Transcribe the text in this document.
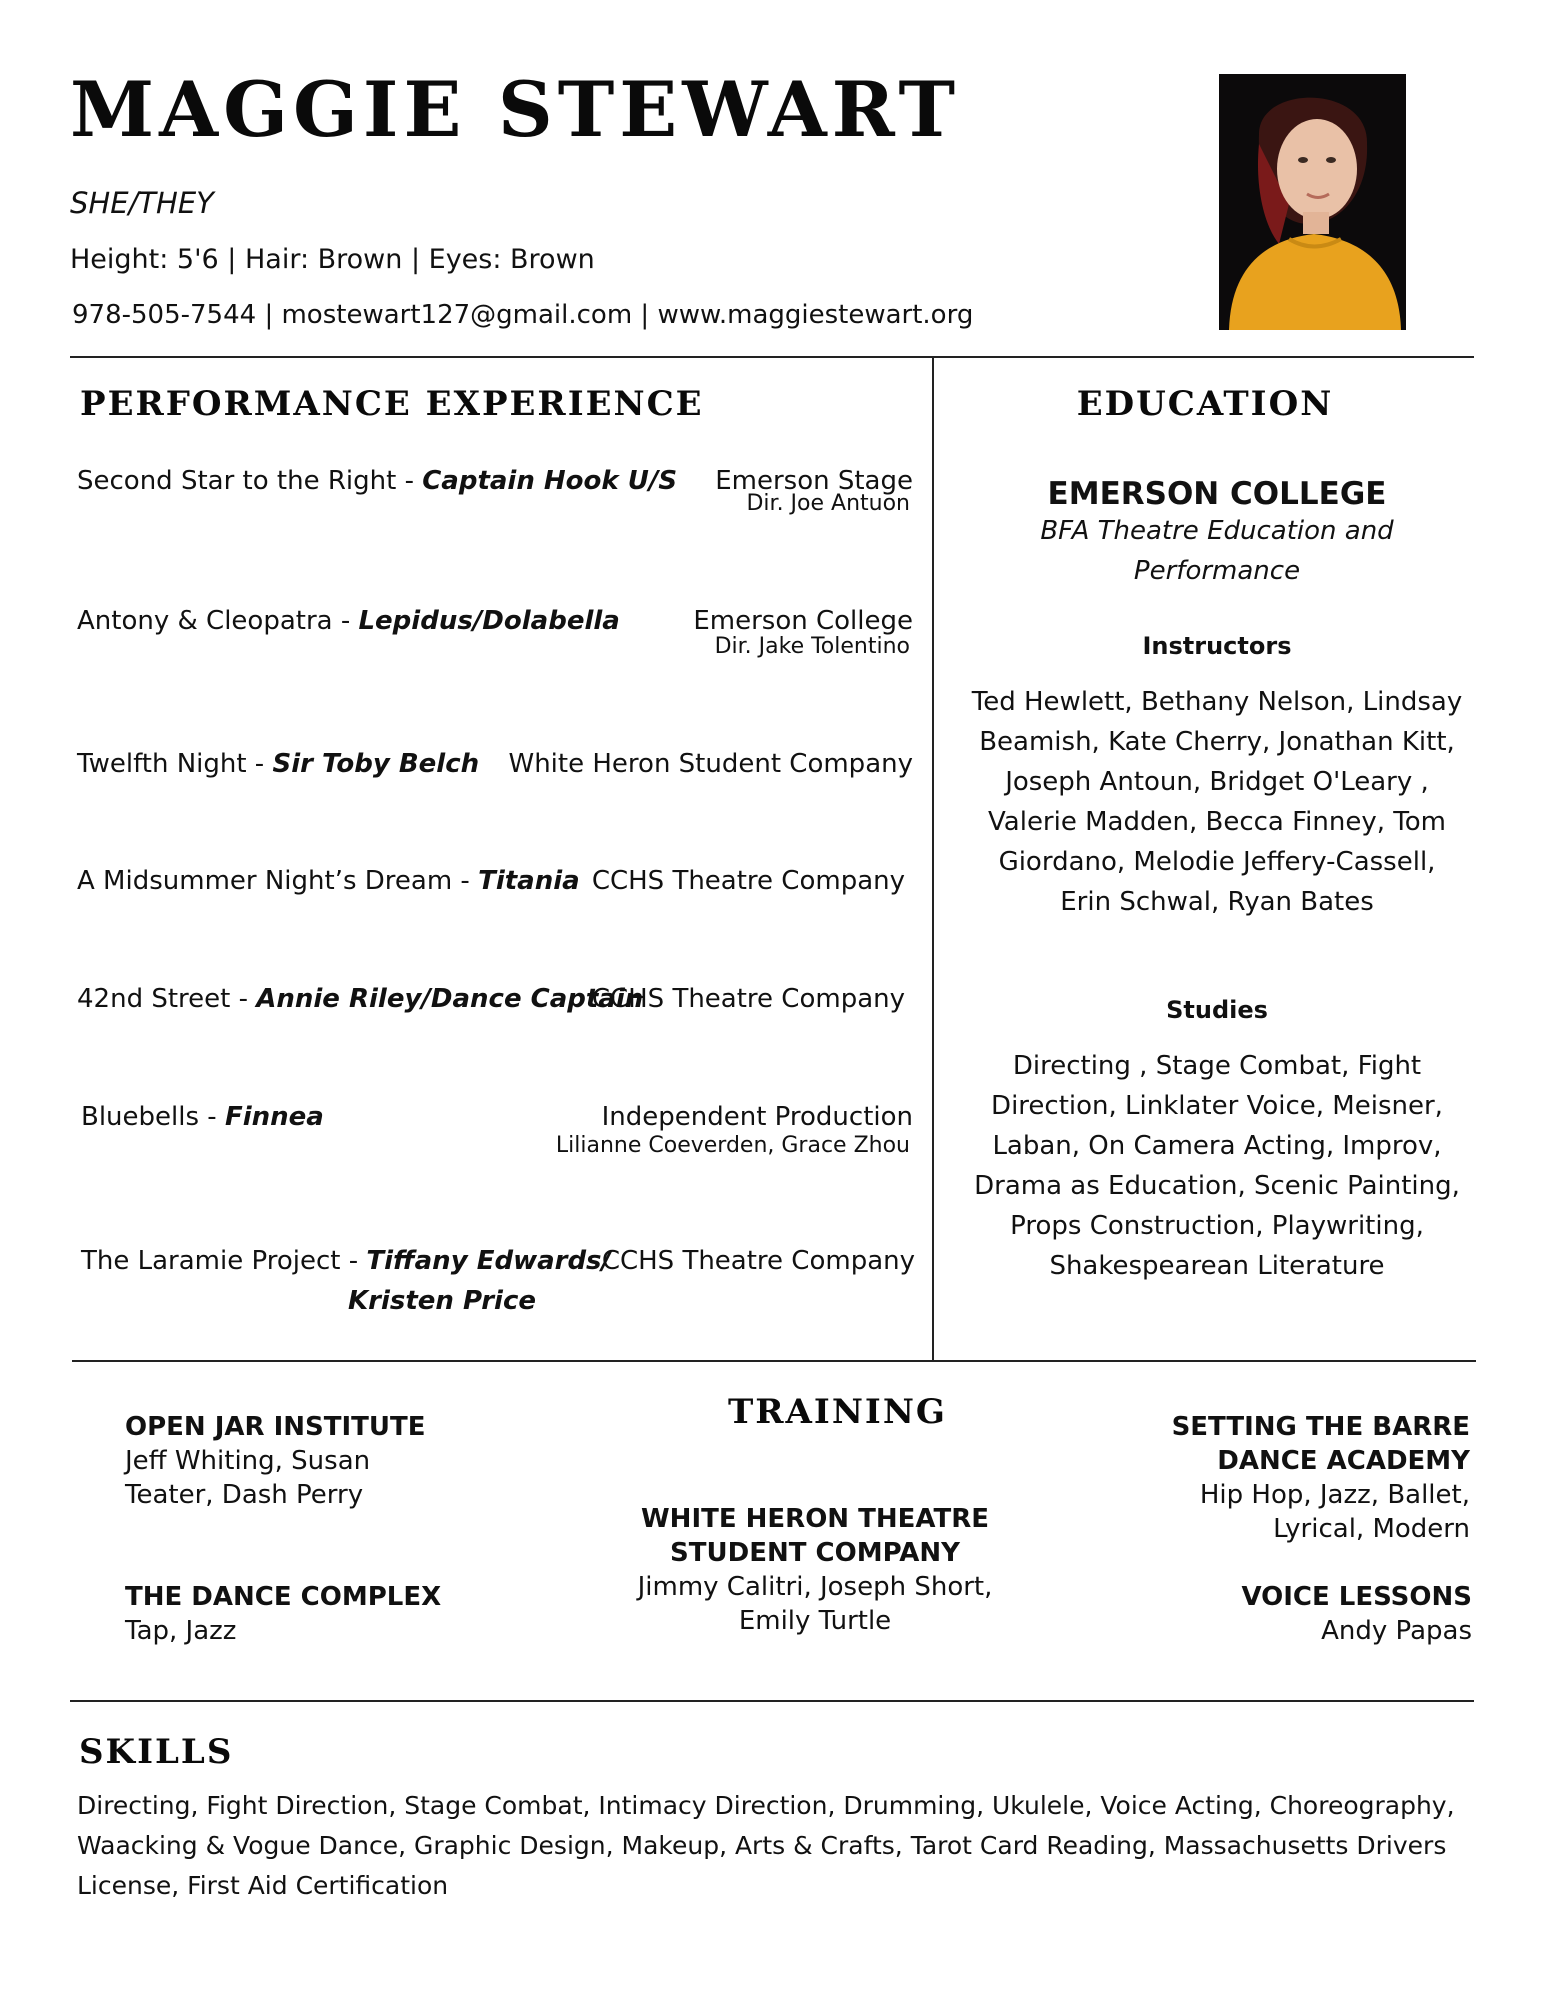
MAGGIE STEWART
SHE/THEY
Height: 5'6 | Hair: Brown | Eyes: Brown
978-505-7544 | mostewart127@gmail.com | www.maggiestewart.org
PERFORMANCE EXPERIENCE
Second Star to the Right - Captain Hook U/S Emerson Stage
Dir. Joe Antuon
Antony & Cleopatra - Lepidus/Dolabella	Emerson College
Dir. Jake Tolentino
Twelfth Night - Sir Toby Belch White Heron Student Company
A Midsummer Night’s Dream - Titania CCHS Theatre Company
42nd Street - Annie Riley/Dance Captain
CCHS Theatre Company
Bluebells - Finnea	Independent Production
Lilianne Coeverden, Grace Zhou
The Laramie Project - Tiffany Edwards/
Kristen Price
CCHS Theatre Company
EDUCATION
EMERSON COLLEGE
BFA Theatre Education and
Performance
Instructors
Ted Hewlett, Bethany Nelson, Lindsay
Beamish, Kate Cherry, Jonathan Kitt,
Joseph Antoun, Bridget O'Leary ,
Valerie Madden, Becca Finney, Tom
Giordano, Melodie Jeffery-Cassell,
Erin Schwal, Ryan Bates
Studies
Directing , Stage Combat, Fight
Direction, Linklater Voice, Meisner,
Laban, On Camera Acting, Improv,
Drama as Education, Scenic Painting,
Props Construction, Playwriting,
Shakespearean Literature
TRAINING
OPEN JAR INSTITUTE
Jeff Whiting, Susan
Teater, Dash Perry
THE DANCE COMPLEX
Tap, Jazz
WHITE HERON THEATRE
STUDENT COMPANY
Jimmy Calitri, Joseph Short,
Emily Turtle
SETTING THE BARRE
DANCE ACADEMY
Hip Hop, Jazz, Ballet,
Lyrical, Modern
VOICE LESSONS
Andy Papas
SKILLS
Directing, Fight Direction, Stage Combat, Intimacy Direction, Drumming, Ukulele, Voice Acting, Choreography,
Waacking & Vogue Dance, Graphic Design, Makeup, Arts & Crafts, Tarot Card Reading, Massachusetts Drivers
License, First Aid Certification
